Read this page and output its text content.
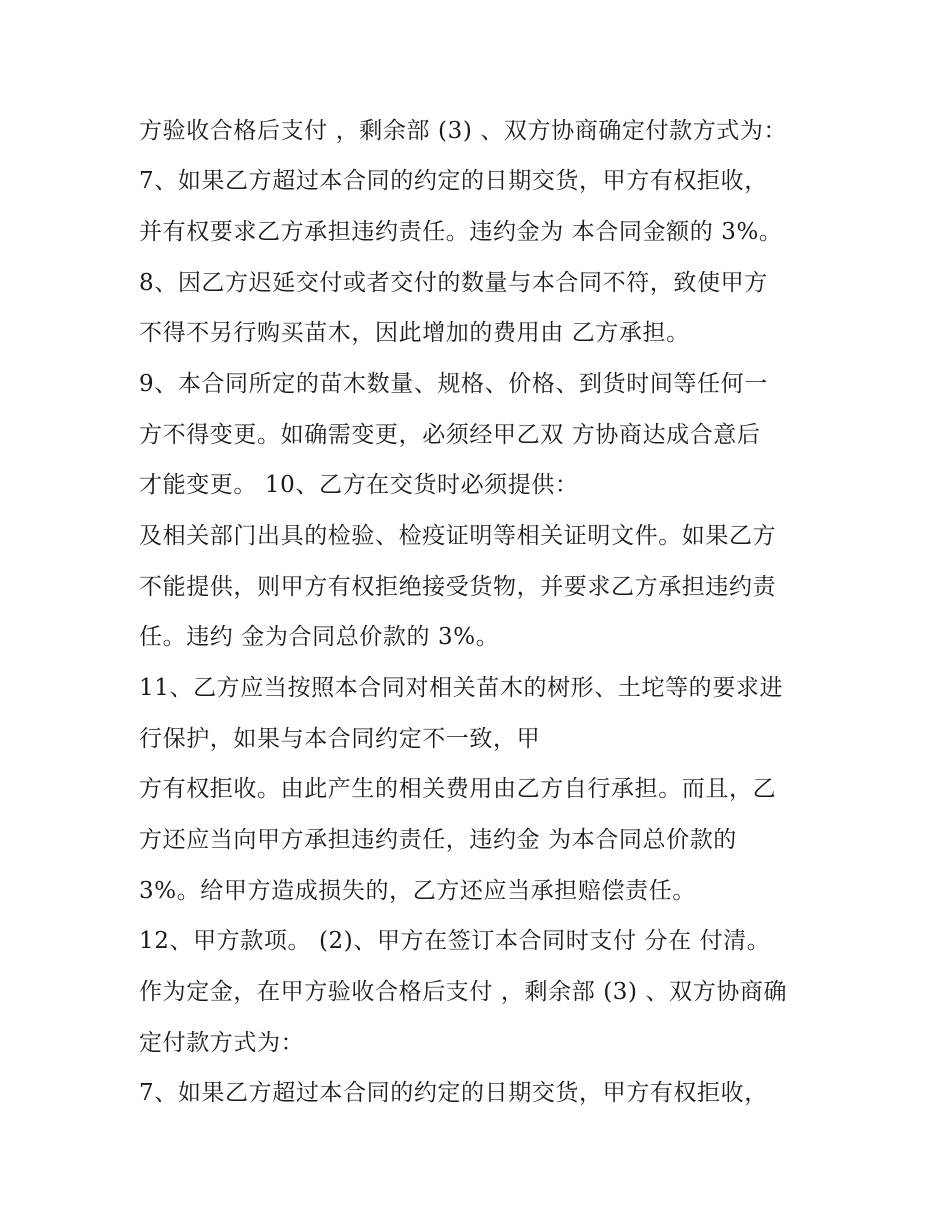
方验收合格后支付 ，剩余部 (3) 、双方协商确定付款方式为：
7、如果乙方超过本合同的约定的日期交货，甲方有权拒收，
并有权要求乙方承担违约责任。违约金为 本合同金额的 3%。
8、因乙方迟延交付或者交付的数量与本合同不符，致使甲方
不得不另行购买苗木，因此增加的费用由 乙方承担。
9、本合同所定的苗木数量、规格、价格、到货时间等任何一
方不得变更。如确需变更，必须经甲乙双 方协商达成合意后
才能变更。 10、乙方在交货时必须提供：
及相关部门出具的检验、检疫证明等相关证明文件。如果乙方
不能提供，则甲方有权拒绝接受货物，并要求乙方承担违约责
任。违约 金为合同总价款的 3%。
11、乙方应当按照本合同对相关苗木的树形、土坨等的要求进
行保护，如果与本合同约定不一致，甲
方有权拒收。由此产生的相关费用由乙方自行承担。而且，乙
方还应当向甲方承担违约责任，违约金 为本合同总价款的
3%。给甲方造成损失的，乙方还应当承担赔偿责任。
12、甲方款项。 (2)、甲方在签订本合同时支付 分在 付清。
作为定金，在甲方验收合格后支付 ，剩余部 (3) 、双方协商确
定付款方式为：
7、如果乙方超过本合同的约定的日期交货，甲方有权拒收，
